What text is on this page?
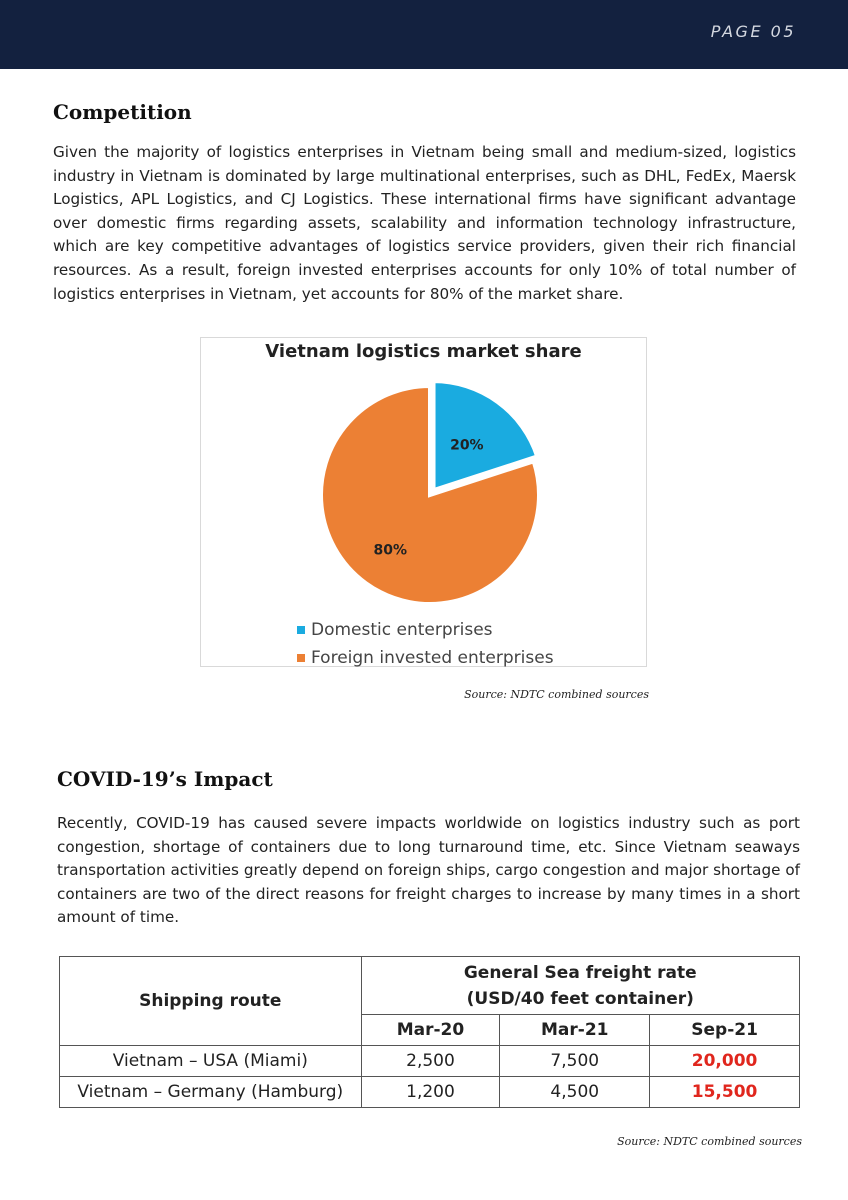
PAGE 05
Competition

Given the majority of logistics enterprises in Vietnam being small and medium-sized, logistics industry in Vietnam is dominated by large multinational enterprises, such as DHL, FedEx, Maersk Logistics, APL Logistics, and CJ Logistics. These international firms have significant advantage over domestic firms regarding assets, scalability and information technology infrastructure, which are key competitive advantages of logistics service providers, given their rich financial resources. As a result, foreign invested enterprises accounts for only 10% of total number of logistics enterprises in Vietnam, yet accounts for 80% of the market share.

Vietnam logistics market share
20%
80%
Domestic enterprises
Foreign invested enterprises
Source: NDTC combined sources
COVID-19’s Impact

Recently, COVID-19 has caused severe impacts worldwide on logistics industry such as port congestion, shortage of containers due to long turnaround time, etc. Since Vietnam seaways transportation activities greatly depend on foreign ships, cargo congestion and major shortage of containers are two of the direct reasons for freight charges to increase by many times in a short amount of time.

Shipping route	General Sea freight rate
(USD/40 feet container)		

	Mar-20	Mar-21	Sep-21
Vietnam – USA (Miami)	2,500	7,500	20,000
Vietnam – Germany (Hamburg)	1,200	4,500	15,500
Source: NDTC combined sources
